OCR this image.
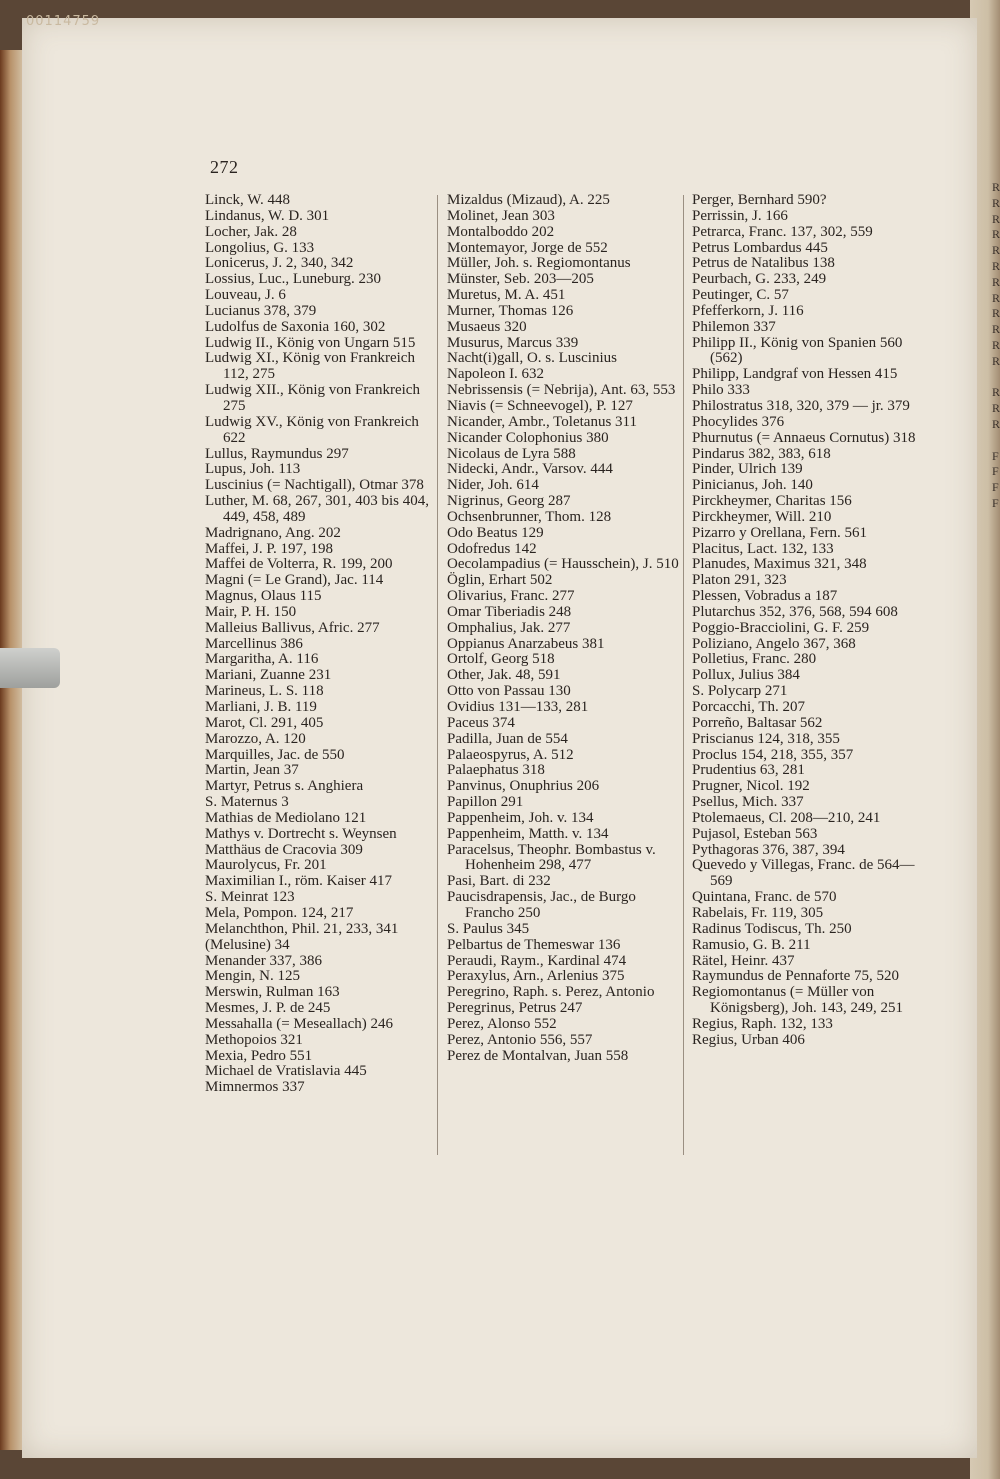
00114759
272
Linck, W. 448
Lindanus, W. D. 301
Locher, Jak. 28
Longolius, G. 133
Lonicerus, J. 2, 340, 342
Lossius, Luc., Luneburg. 230
Louveau, J. 6
Lucianus 378, 379
Ludolfus de Saxonia 160, 302
Ludwig II., König von Ungarn 515
Ludwig XI., König von Frankreich 112, 275
Ludwig XII., König von Frankreich 275
Ludwig XV., König von Frankreich 622
Lullus, Raymundus 297
Lupus, Joh. 113
Luscinius (= Nachtigall), Otmar 378
Luther, M. 68, 267, 301, 403 bis 404, 449, 458, 489
Madrignano, Ang. 202
Maffei, J. P. 197, 198
Maffei de Volterra, R. 199, 200
Magni (= Le Grand), Jac. 114
Magnus, Olaus 115
Mair, P. H. 150
Malleius Ballivus, Afric. 277
Marcellinus 386
Margaritha, A. 116
Mariani, Zuanne 231
Marineus, L. S. 118
Marliani, J. B. 119
Marot, Cl. 291, 405
Marozzo, A. 120
Marquilles, Jac. de 550
Martin, Jean 37
Martyr, Petrus s. Anghiera
S. Maternus 3
Mathias de Mediolano 121
Mathys v. Dortrecht s. Weynsen
Matthäus de Cracovia 309
Maurolycus, Fr. 201
Maximilian I., röm. Kaiser 417
S. Meinrat 123
Mela, Pompon. 124, 217
Melanchthon, Phil. 21, 233, 341
(Melusine) 34
Menander 337, 386
Mengin, N. 125
Merswin, Rulman 163
Mesmes, J. P. de 245
Messahalla (= Meseallach) 246
Methopoios 321
Mexia, Pedro 551
Michael de Vratislavia 445
Mimnermos 337
Mizaldus (Mizaud), A. 225
Molinet, Jean 303
Montalboddo 202
Montemayor, Jorge de 552
Müller, Joh. s. Regiomontanus
Münster, Seb. 203—205
Muretus, M. A. 451
Murner, Thomas 126
Musaeus 320
Musurus, Marcus 339
Nacht(i)gall, O. s. Luscinius
Napoleon I. 632
Nebrissensis (= Nebrija), Ant. 63, 553
Niavis (= Schneevogel), P. 127
Nicander, Ambr., Toletanus 311
Nicander Colophonius 380
Nicolaus de Lyra 588
Nidecki, Andr., Varsov. 444
Nider, Joh. 614
Nigrinus, Georg 287
Ochsenbrunner, Thom. 128
Odo Beatus 129
Odofredus 142
Oecolampadius (= Hausschein), J. 510
Öglin, Erhart 502
Olivarius, Franc. 277
Omar Tiberiadis 248
Omphalius, Jak. 277
Oppianus Anarzabeus 381
Ortolf, Georg 518
Other, Jak. 48, 591
Otto von Passau 130
Ovidius 131—133, 281
Paceus 374
Padilla, Juan de 554
Palaeospyrus, A. 512
Palaephatus 318
Panvinus, Onuphrius 206
Papillon 291
Pappenheim, Joh. v. 134
Pappenheim, Matth. v. 134
Paracelsus, Theophr. Bombastus v. Hohenheim 298, 477
Pasi, Bart. di 232
Paucisdrapensis, Jac., de Burgo Francho 250
S. Paulus 345
Pelbartus de Themeswar 136
Peraudi, Raym., Kardinal 474
Peraxylus, Arn., Arlenius 375
Peregrino, Raph. s. Perez, Antonio
Peregrinus, Petrus 247
Perez, Alonso 552
Perez, Antonio 556, 557
Perez de Montalvan, Juan 558
Perger, Bernhard 590?
Perrissin, J. 166
Petrarca, Franc. 137, 302, 559
Petrus Lombardus 445
Petrus de Natalibus 138
Peurbach, G. 233, 249
Peutinger, C. 57
Pfefferkorn, J. 116
Philemon 337
Philipp II., König von Spanien 560 (562)
Philipp, Landgraf von Hessen 415
Philo 333
Philostratus 318, 320, 379 — jr. 379
Phocylides 376
Phurnutus (= Annaeus Cornutus) 318
Pindarus 382, 383, 618
Pinder, Ulrich 139
Pinicianus, Joh. 140
Pirckheymer, Charitas 156
Pirckheymer, Will. 210
Pizarro y Orellana, Fern. 561
Placitus, Lact. 132, 133
Planudes, Maximus 321, 348
Platon 291, 323
Plessen, Vobradus a 187
Plutarchus 352, 376, 568, 594 608
Poggio-Bracciolini, G. F. 259
Poliziano, Angelo 367, 368
Polletius, Franc. 280
Pollux, Julius 384
S. Polycarp 271
Porcacchi, Th. 207
Porreño, Baltasar 562
Priscianus 124, 318, 355
Proclus 154, 218, 355, 357
Prudentius 63, 281
Prugner, Nicol. 192
Psellus, Mich. 337
Ptolemaeus, Cl. 208—210, 241
Pujasol, Esteban 563
Pythagoras 376, 387, 394
Quevedo y Villegas, Franc. de 564—569
Quintana, Franc. de 570
Rabelais, Fr. 119, 305
Radinus Todiscus, Th. 250
Ramusio, G. B. 211
Rätel, Heinr. 437
Raymundus de Pennaforte 75, 520
Regiomontanus (= Müller von Königsberg), Joh. 143, 249, 251
Regius, Raph. 132, 133
Regius, Urban 406
R
R
R
R
R
R
R
R
R
R
R
R

R
R
R

F
F
F
F
